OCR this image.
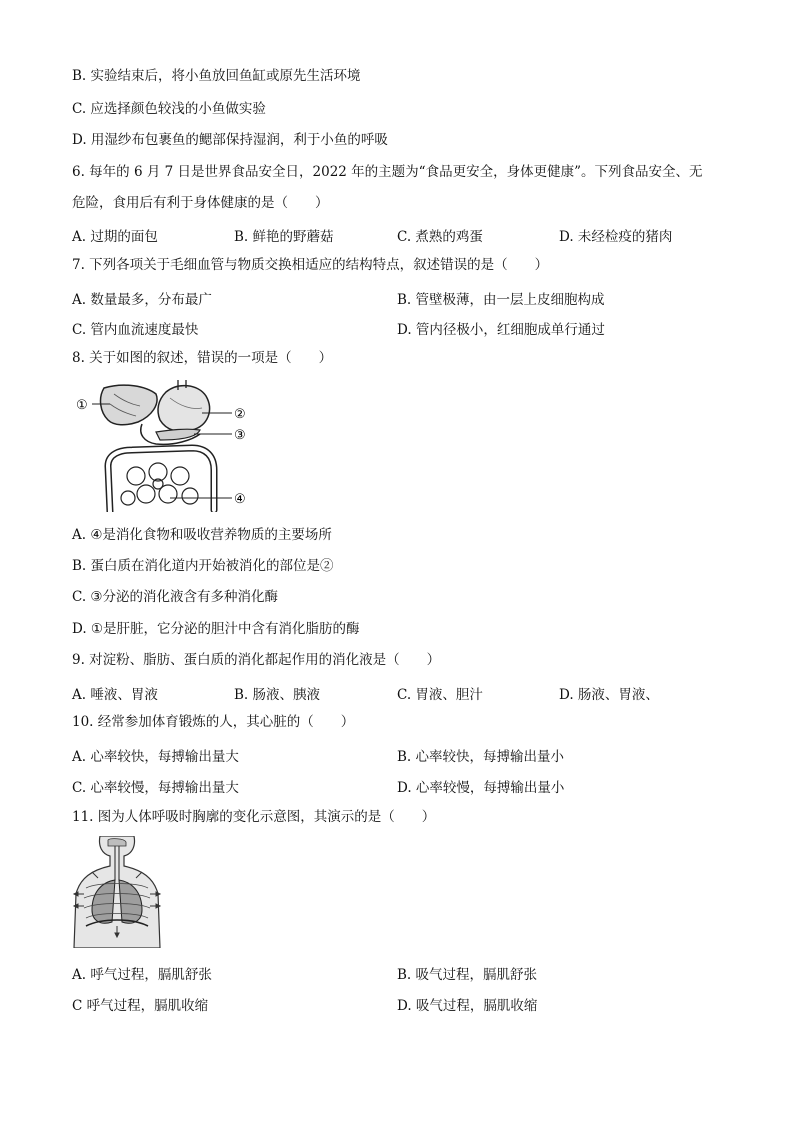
B. 实验结束后，将小鱼放回鱼缸或原先生活环境
C. 应选择颜色较浅的小鱼做实验
D. 用湿纱布包裹鱼的鳃部保持湿润，利于小鱼的呼吸
6. 每年的 6 月 7 日是世界食品安全日，2022 年的主题为“食品更安全，身体更健康”。下列食品安全、无
危险，食用后有利于身体健康的是（　　）
A. 过期的面包	B. 鲜艳的野蘑菇	C. 煮熟的鸡蛋	D. 未经检疫的猪肉
7. 下列各项关于毛细血管与物质交换相适应的结构特点，叙述错误的是（　　）
A. 数量最多，分布最广	B. 管壁极薄，由一层上皮细胞构成
C. 管内血流速度最快	D. 管内径极小，红细胞成单行通过
8. 关于如图的叙述，错误的一项是（　　）
①
②
③
④
A. ④是消化食物和吸收营养物质的主要场所
B. 蛋白质在消化道内开始被消化的部位是②
C. ③分泌的消化液含有多种消化酶
D. ①是肝脏，它分泌的胆汁中含有消化脂肪的酶
9. 对淀粉、脂肪、蛋白质的消化都起作用的消化液是（　　）
A. 唾液、胃液	B. 肠液、胰液	C. 胃液、胆汁	D. 肠液、胃液、
10. 经常参加体育锻炼的人，其心脏的（　　）
A. 心率较快，每搏输出量大	B. 心率较快，每搏输出量小
C. 心率较慢，每搏输出量大	D. 心率较慢，每搏输出量小
11. 图为人体呼吸时胸廓的变化示意图，其演示的是（　　）
A. 呼气过程，膈肌舒张	B. 吸气过程，膈肌舒张
C 呼气过程，膈肌收缩	D. 吸气过程，膈肌收缩
